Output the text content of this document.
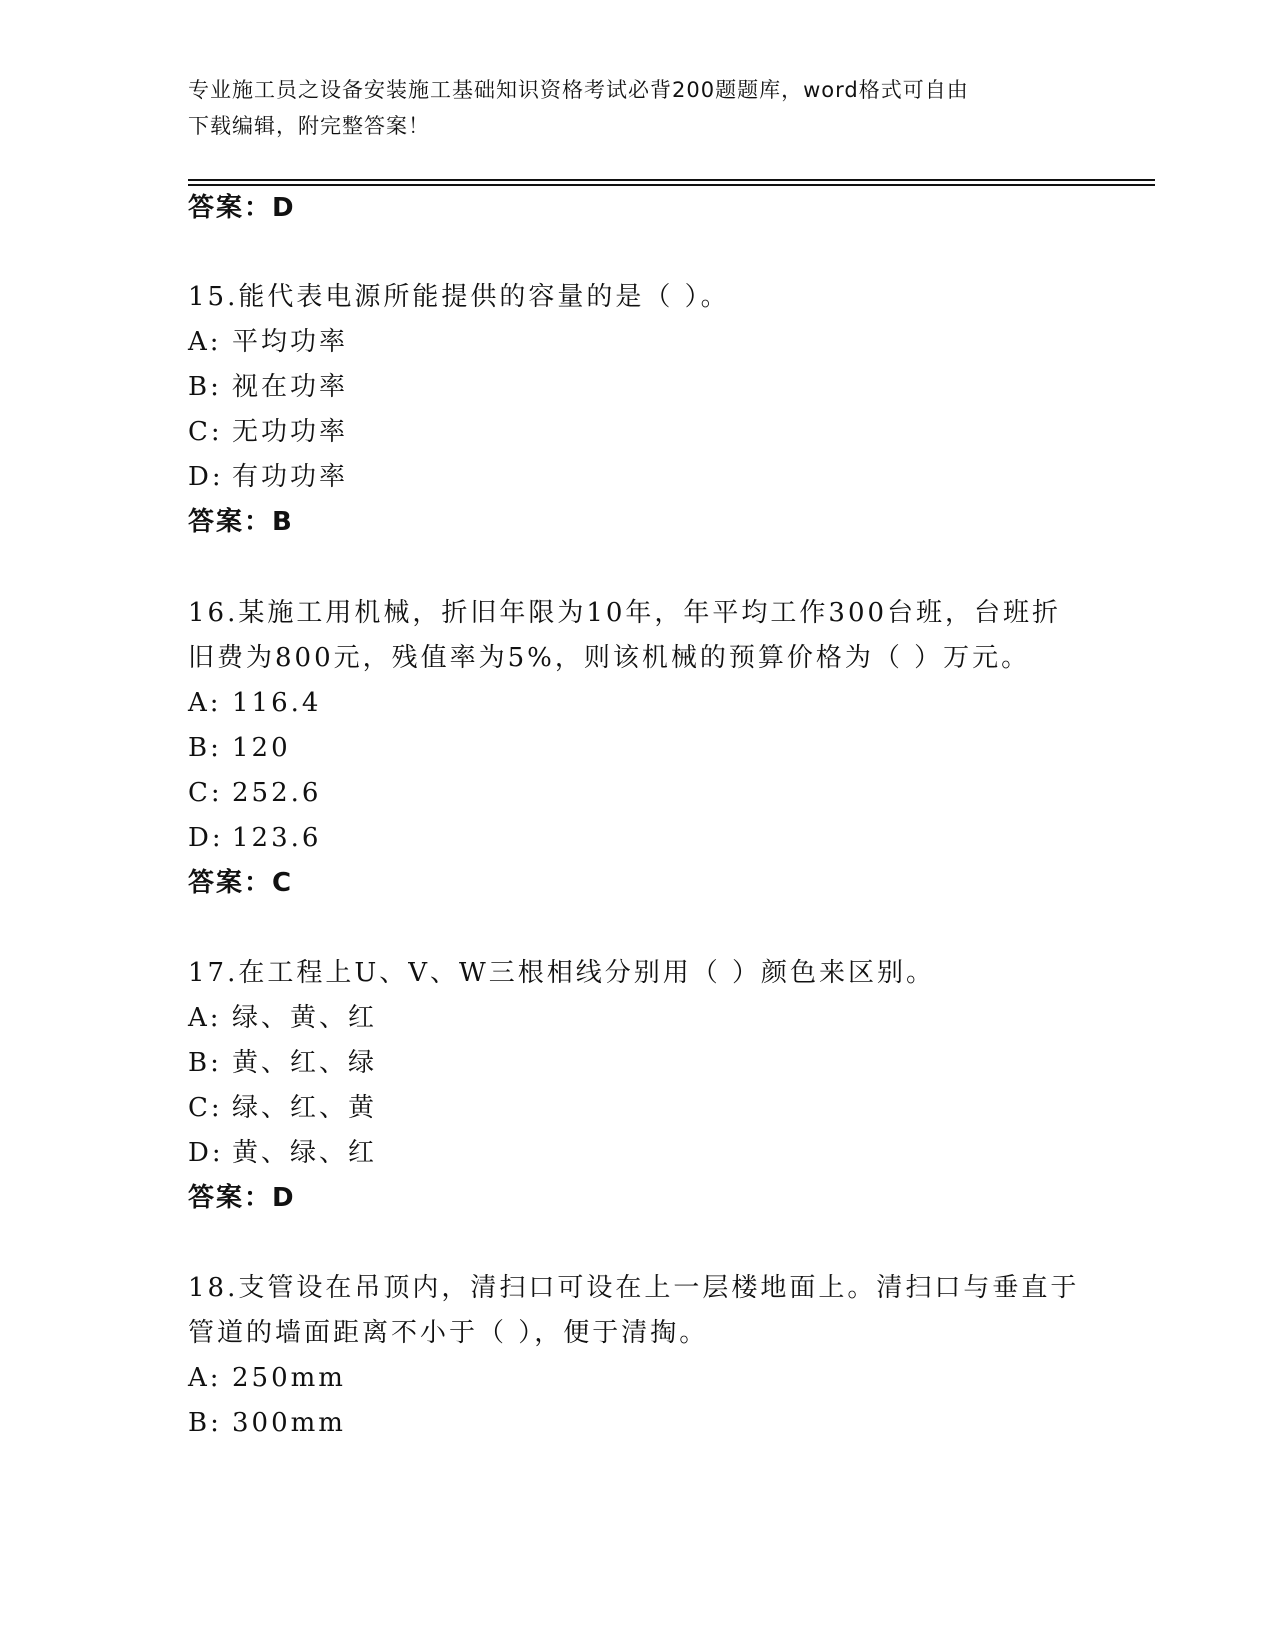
专业施工员之设备安装施工基础知识资格考试必背200题题库，word格式可自由
下载编辑，附完整答案！
答案：D
15.能代表电源所能提供的容量的是（ ）。
A: 平均功率
B: 视在功率
C: 无功功率
D: 有功功率
答案：B
16.某施工用机械，折旧年限为10年，年平均工作300台班，台班折
旧费为800元，残值率为5%，则该机械的预算价格为（ ）万元。
A: 116.4
B: 120
C: 252.6
D: 123.6
答案：C
17.在工程上U、V、W三根相线分别用（ ）颜色来区别。
A: 绿、黄、红
B: 黄、红、绿
C: 绿、红、黄
D: 黄、绿、红
答案：D
18.支管设在吊顶内，清扫口可设在上一层楼地面上。清扫口与垂直于
管道的墙面距离不小于（ ），便于清掏。
A: 250mm
B: 300mm
